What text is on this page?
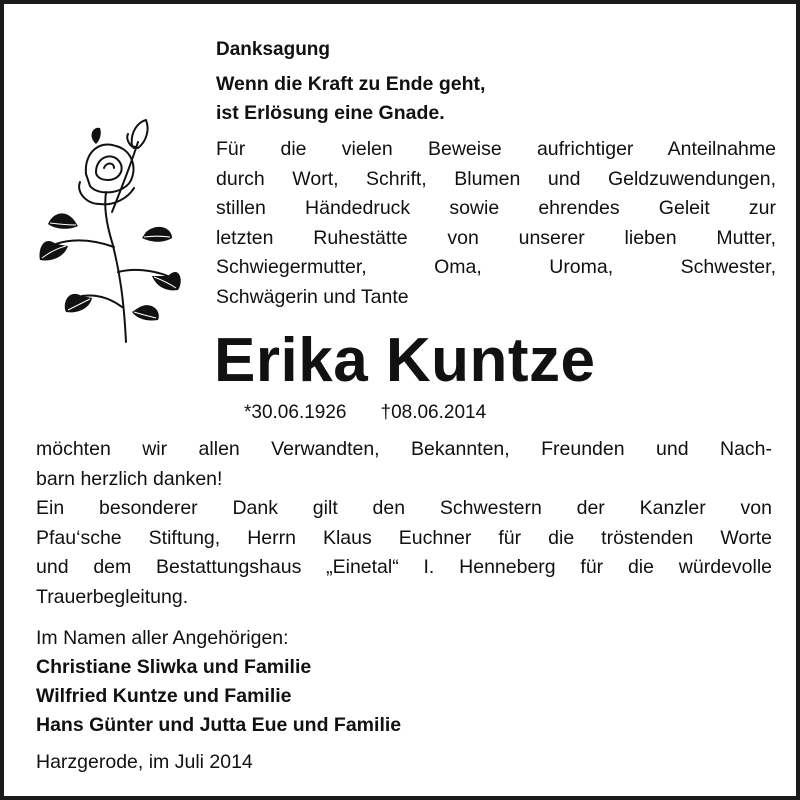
Danksagung
Wenn die Kraft zu Ende geht,
ist Erlösung eine Gnade.
Für die vielen Beweise aufrichtiger Anteilnahme
durch Wort, Schrift, Blumen und Geldzuwendungen,
stillen Händedruck sowie ehrendes Geleit zur
letzten Ruhestätte von unserer lieben Mutter,
Schwiegermutter, Oma, Uroma, Schwester,
Schwägerin und Tante
Erika Kuntze
*30.06.1926 †08.06.2014
möchten wir allen Verwandten, Bekannten, Freunden und Nach-
barn herzlich danken!
Ein besonderer Dank gilt den Schwestern der Kanzler von
Pfau‘sche Stiftung, Herrn Klaus Euchner für die tröstenden Worte
und dem Bestattungshaus „Einetal“ I. Henneberg für die würdevolle
Trauerbegleitung.
Im Namen aller Angehörigen:
Christiane Sliwka und Familie
Wilfried Kuntze und Familie
Hans Günter und Jutta Eue und Familie
Harzgerode, im Juli 2014
